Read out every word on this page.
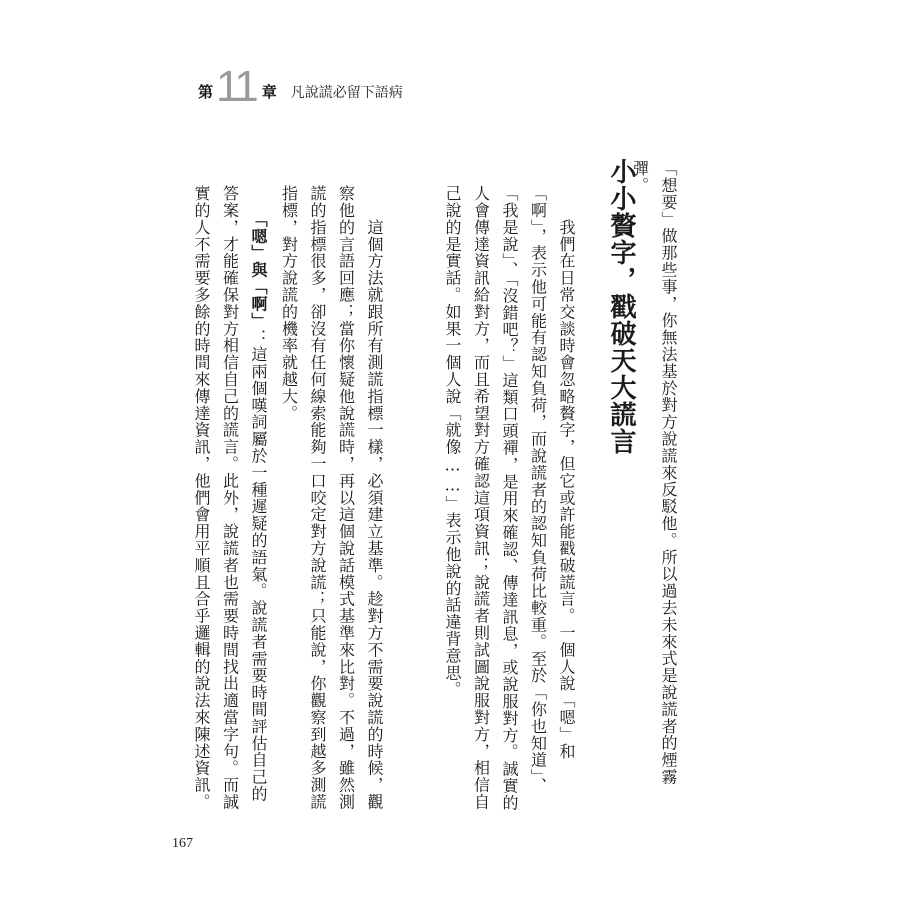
第 11 章 凡說謊必留下語病

「想要」做那些事，你無法基於對方說謊來反駁他。所以過去未來式是說謊者的煙霧彈。

小小贅字，戳破天大謊言

　　我們在日常交談時會忽略贅字，但它或許能戳破謊言。一個人說「嗯」和「啊」，表示他可能有認知負荷，而說謊者的認知負荷比較重。至於「你也知道」、「我是說」、「沒錯吧？」這類口頭禪，是用來確認、傳達訊息，或說服對方。誠實的人會傳達資訊給對方，而且希望對方確認這項資訊；說謊者則試圖說服對方，相信自己說的是實話。如果一個人說「就像……」表示他說的話違背意思。

　　這個方法就跟所有測謊指標一樣，必須建立基準。趁對方不需要說謊的時候，觀察他的言語回應；當你懷疑他說謊時，再以這個說話模式基準來比對。不過，雖然測謊的指標很多，卻沒有任何線索能夠一口咬定對方說謊；只能說，你觀察到越多測謊指標，對方說謊的機率就越大。

　　「嗯」與「啊」：這兩個嘆詞屬於一種遲疑的語氣。說謊者需要時間評估自己的答案，才能確保對方相信自己的謊言。此外，說謊者也需要時間找出適當字句。而誠實的人不需要多餘的時間來傳達資訊，他們會用平順且合乎邏輯的說法來陳述資訊。

167
